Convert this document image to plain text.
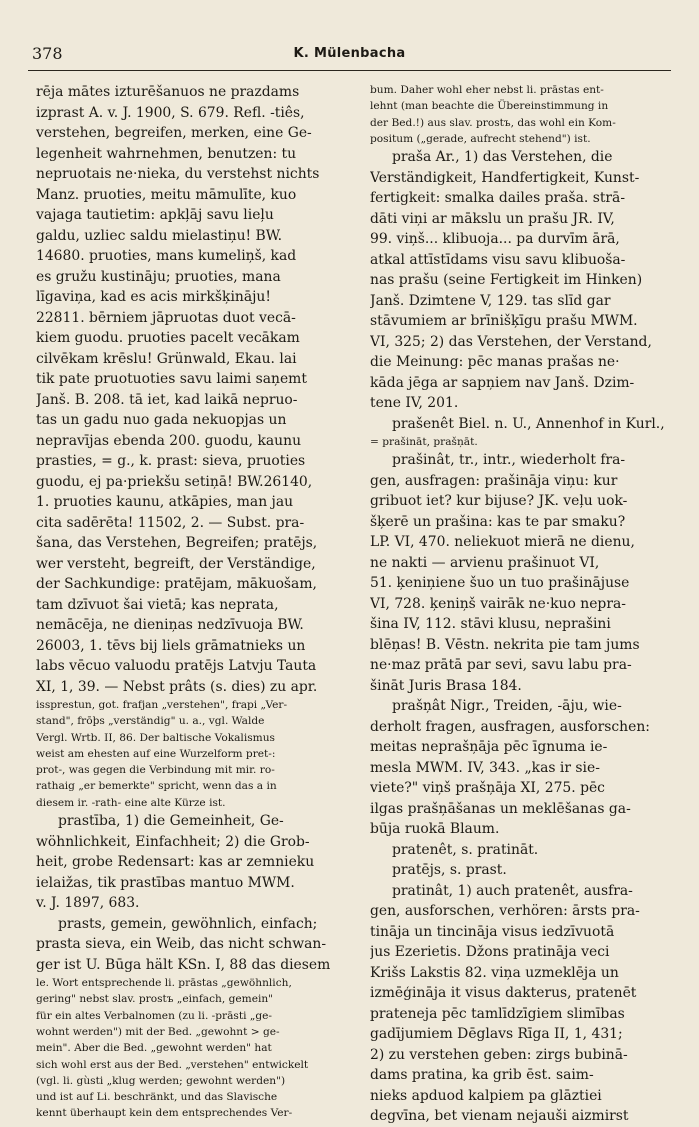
378	K. Mülenbacha
rēja mātes izturēšanuos ne prazdams
izprast A. v. J. 1900, S. 679. Refl. -tiês,
verstehen, begreifen, merken, eine Ge-
legenheit wahrnehmen, benutzen: tu
nepruotais ne·nieka, du verstehst nichts
Manz. pruoties, meitu māmulīte, kuo
vajaga tautietim: apkļāj savu lieļu
galdu, uzliec saldu mielastiņu! BW.
14680. pruoties, mans kumeliņš, kad
es gružu kustināju; pruoties, mana
līgaviņa, kad es acis mirkšķināju!
22811. bērniem jāpruotas duot vecā-
kiem guodu. pruoties pacelt vecākam
cilvēkam krēslu! Grünwald, Ekau. lai
tik pate pruotuoties savu laimi saņemt
Janš. B. 208. tā iet, kad laikā nepruo-
tas un gadu nuo gada nekuopjas un
nepravījas ebenda 200. guodu, kaunu
prasties, = g., k. prast: sieva, pruoties
guodu, ej pa·priekšu setiņā! BW.26140,
1. pruoties kaunu, atkāpies, man jau
cita sadērēta! 11502, 2. — Subst. pra-
šana, das Verstehen, Begreifen; pratējs,
wer versteht, begreift, der Verständige,
der Sachkundige: pratējam, mākuošam,
tam dzīvuot šai vietā; kas neprata,
nemācēja, ne dieniņas nedzīvuoja BW.
26003, 1. tēvs bij liels grāmatnieks un
labs vēcuo valuodu pratējs Latvju Tauta
XI, 1, 39. — Nebst prâts (s. dies) zu apr.
issprestun, got. frafjan „verstehen", frapi „Ver-
stand", frōþs „verständig" u. a., vgl. Walde
Vergl. Wrtb. II, 86. Der baltische Vokalismus
weist am ehesten auf eine Wurzelform pret-:
prot-, was gegen die Verbindung mit mir. ro-
rathaig „er bemerkte" spricht, wenn das a in
diesem ir. -rath- eine alte Kürze ist.
prastība, 1) die Gemeinheit, Ge-
wöhnlichkeit, Einfachheit; 2) die Grob-
heit, grobe Redensart: kas ar zemnieku
ielaižas, tik prastības mantuo MWM.
v. J. 1897, 683.
prasts, gemein, gewöhnlich, einfach;
prasta sieva, ein Weib, das nicht schwan-
ger ist U. Būga hält KSn. I, 88 das diesem
le. Wort entsprechende li. prāstas „gewöhnlich,
gering" nebst slav. prostъ „einfach, gemein"
für ein altes Verbalnomen (zu li. -prāsti „ge-
wohnt werden") mit der Bed. „gewohnt > ge-
mein". Aber die Bed. „gewohnt werden" hat
sich wohl erst aus der Bed. „verstehen" entwickelt
(vgl. li. gùsti „klug werden; gewohnt werden")
und ist auf Li. beschränkt, und das Slavische
kennt überhaupt kein dem entsprechendes Ver-
bum. Daher wohl eher nebst li. prāstas ent-
lehnt (man beachte die Übereinstimmung in
der Bed.!) aus slav. prostъ, das wohl ein Kom-
positum („gerade, aufrecht stehend") ist.
praša Ar., 1) das Verstehen, die
Verständigkeit, Handfertigkeit, Kunst-
fertigkeit: smalka dailes praša. strā-
dāti viņi ar mākslu un prašu JR. IV,
99. viņš... klibuoja... pa durvīm ārā,
atkal attīstīdams visu savu klibuoša-
nas prašu (seine Fertigkeit im Hinken)
Janš. Dzimtene V, 129. tas slīd gar
stāvumiem ar brīnišķīgu prašu MWM.
VI, 325; 2) das Verstehen, der Verstand,
die Meinung: pēc manas prašas ne·
kāda jēga ar sapņiem nav Janš. Dzim-
tene IV, 201.
prašenêt Biel. n. U., Annenhof in Kurl.,
= prašināt, prašņāt.
prašinât, tr., intr., wiederholt fra-
gen, ausfragen: prašināja viņu: kur
gribuot iet? kur bijuse? JK. veļu uok-
šķerē un prašina: kas te par smaku?
LP. VI, 470. neliekuot mierā ne dienu,
ne nakti — arvienu prašinuot VI,
51. ķeniņiene šuo un tuo prašinājuse
VI, 728. ķeniņš vairāk ne·kuo neprа-
šina IV, 112. stāvi klusu, neprašini
blēņas! B. Vēstn. nekrita pie tam jums
ne·maz prātā par sevi, savu labu pra-
šināt Juris Brasa 184.
prašņât Nigr., Treiden, -āju, wie-
derholt fragen, ausfragen, ausforschen:
meitas neprašņāja pēc īgnuma ie-
mesla MWM. IV, 343. „kas ir sie-
viete?" viņš prašņāja XI, 275. pēc
ilgas prašņāšanas un meklēšanas ga-
būja ruokā Blaum.
pratenêt, s. pratināt.
pratējs, s. prast.
pratinât, 1) auch pratenêt, ausfra-
gen, ausforschen, verhören: ārsts pra-
tināja un tincināja visus iedzīvuotā
jus Ezerietis. Džons pratināja veci
Krišs Lakstis 82. viņa uzmeklēja un
izmēģināja it visus dakterus, pratenēt
prateneja pēc tamlīdzīgiem slimības
gadījumiem Dēglavs Rīga II, 1, 431;
2) zu verstehen geben: zirgs bubinā-
dams pratina, ka grib ēst. saim-
nieks apduod kalpiem pa glāztiei
degvīna, bet vienam nejauši aizmirst
